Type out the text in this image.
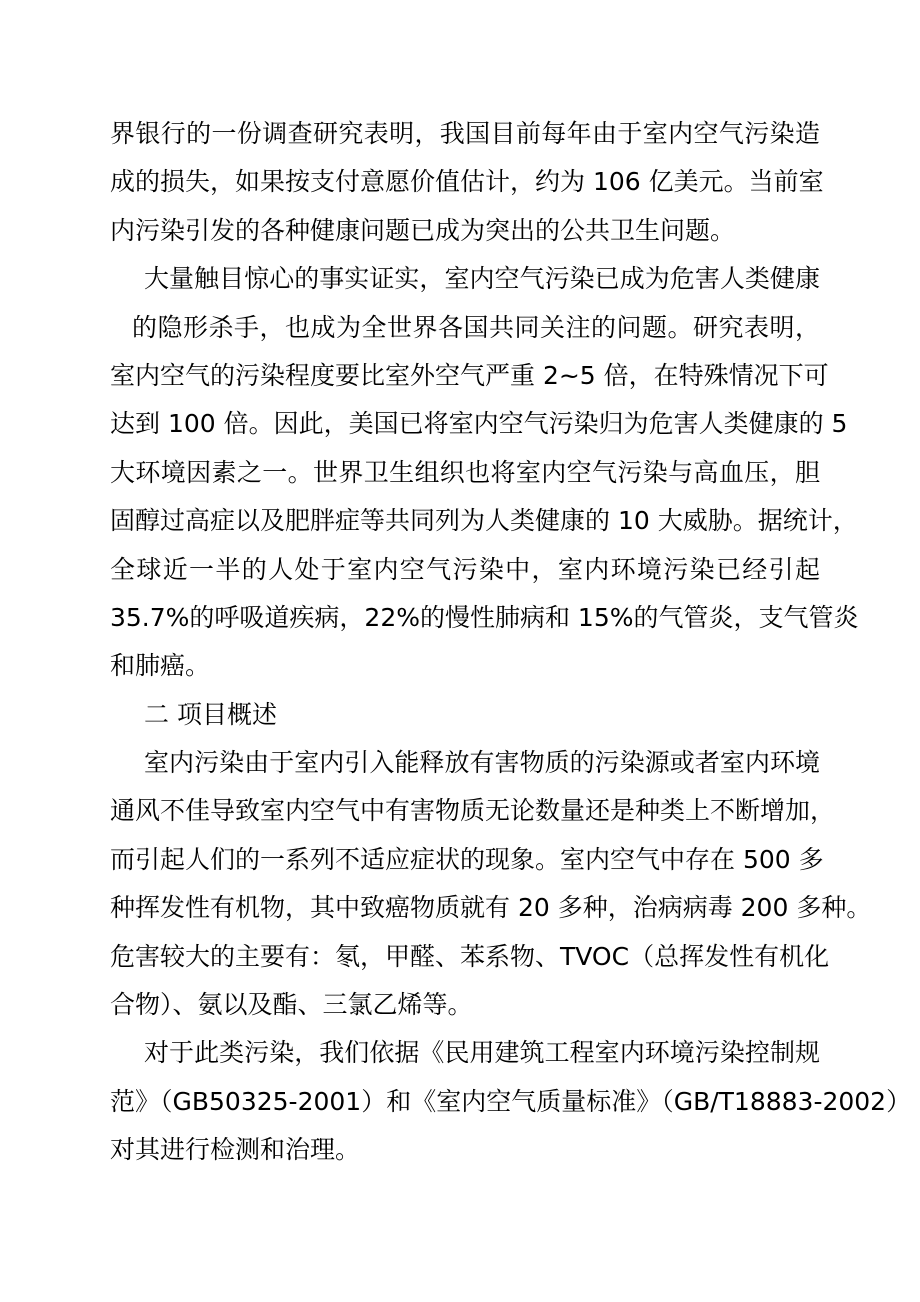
界银行的一份调查研究表明，我国目前每年由于室内空气污染造
成的损失，如果按支付意愿价值估计，约为 106 亿美元。当前室
内污染引发的各种健康问题已成为突出的公共卫生问题。
大量触目惊心的事实证实，室内空气污染已成为危害人类健康
的隐形杀手，也成为全世界各国共同关注的问题。研究表明，
室内空气的污染程度要比室外空气严重 2~5 倍，在特殊情况下可
达到 100 倍。因此，美国已将室内空气污染归为危害人类健康的 5
大环境因素之一。世界卫生组织也将室内空气污染与高血压，胆
固醇过高症以及肥胖症等共同列为人类健康的 10 大威胁。据统计，
全球近一半的人处于室内空气污染中，室内环境污染已经引起
35.7%的呼吸道疾病，22%的慢性肺病和 15%的气管炎，支气管炎
和肺癌。
二 项目概述
室内污染由于室内引入能释放有害物质的污染源或者室内环境
通风不佳导致室内空气中有害物质无论数量还是种类上不断增加，
而引起人们的一系列不适应症状的现象。室内空气中存在 500 多
种挥发性有机物，其中致癌物质就有 20 多种，治病病毒 200 多种。
危害较大的主要有：氡，甲醛、苯系物、TVOC（总挥发性有机化
合物）、氨以及酯、三氯乙烯等。
对于此类污染，我们依据《民用建筑工程室内环境污染控制规
范》（GB50325-2001）和《室内空气质量标准》（GB/T18883-2002）
对其进行检测和治理。
